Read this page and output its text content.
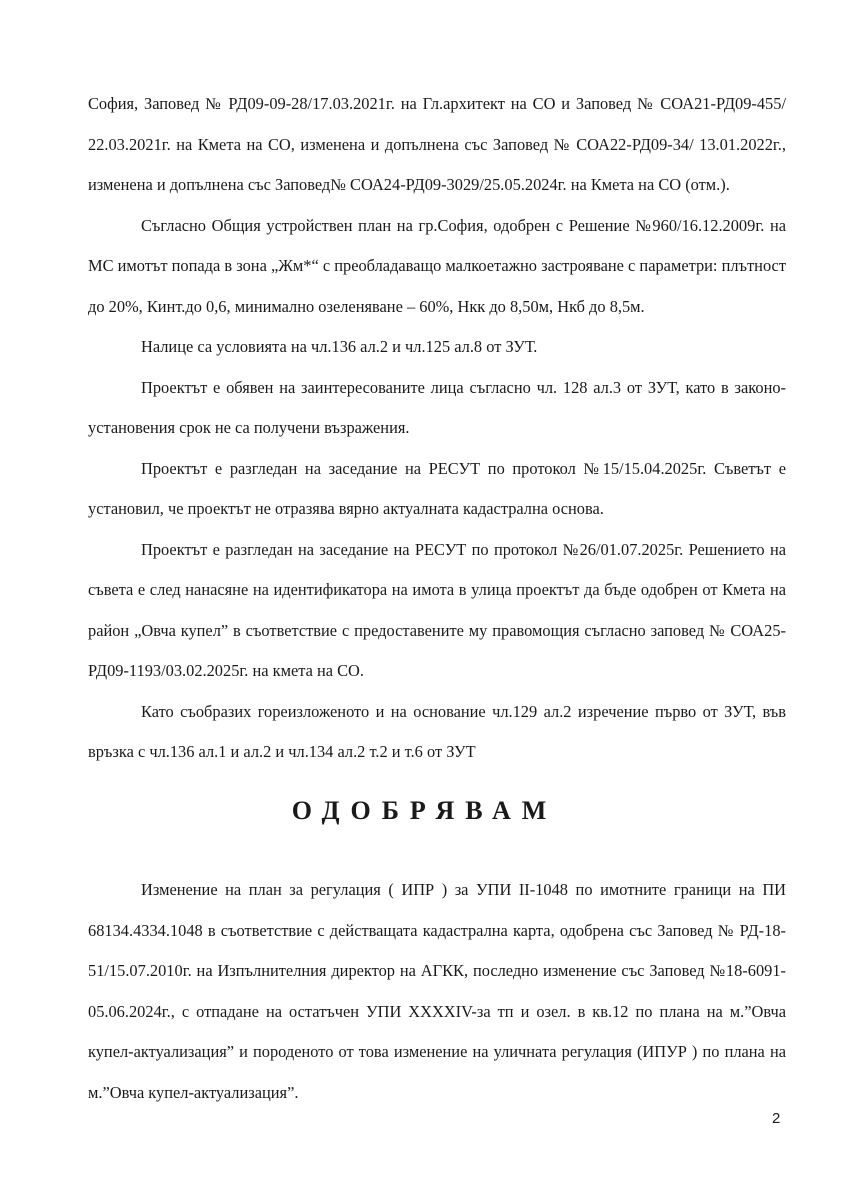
София, Заповед № РД09-09-28/17.03.2021г. на Гл.архитект на СО и Заповед № СОА21-РД09-455/ 22.03.2021г. на Кмета на СО, изменена и допълнена със Заповед № СОА22-РД09-34/ 13.01.2022г., изменена и допълнена със Заповед№ СОА24-РД09-3029/25.05.2024г. на Кмета на СО (отм.).

Съгласно Общия устройствен план на гр.София, одобрен с Решение №960/16.12.2009г. на МС имотът попада в зона „Жм*“ с преобладаващо малкоетажно застрояване с параметри: плътност до 20%, Кинт.до 0,6, минимално озеленяване – 60%, Нкк до 8,50м, Нкб до 8,5м.

Налице са условията на чл.136 ал.2 и чл.125 ал.8 от ЗУТ.

Проектът е обявен на заинтересованите лица съгласно чл. 128 ал.3 от ЗУТ, като в законо- установения срок не са получени възражения.

Проектът е разгледан на заседание на РЕСУТ по протокол №15/15.04.2025г. Съветът е установил, че проектът не отразява вярно актуалната кадастрална основа.

Проектът е разгледан на заседание на РЕСУТ по протокол №26/01.07.2025г. Решението на съвета е след нанасяне на идентификатора на имота в улица проектът да бъде одобрен от Кмета на район „Овча купел” в съответствие с предоставените му правомощия съгласно заповед № СОА25-РД09-1193/03.02.2025г. на кмета на СО.

Като съобразих гореизложеното и на основание чл.129 ал.2 изречение първо от ЗУТ, във връзка с чл.136 ал.1 и ал.2 и чл.134 ал.2 т.2 и т.6 от ЗУТ

ОДОБРЯВАМ

Изменение на план за регулация ( ИПР ) за УПИ II-1048 по имотните граници на ПИ 68134.4334.1048 в съответствие с действащата кадастрална карта, одобрена със Заповед № РД-18-51/15.07.2010г. на Изпълнителния директор на АГКК, последно изменение със Заповед №18-6091-05.06.2024г., с отпадане на остатъчен УПИ XXXXIV-за тп и озел. в кв.12 по плана на м.”Овча купел-актуализация” и породеното от това изменение на уличната регулация (ИПУР ) по плана на м.”Овча купел-актуализация”.

2
